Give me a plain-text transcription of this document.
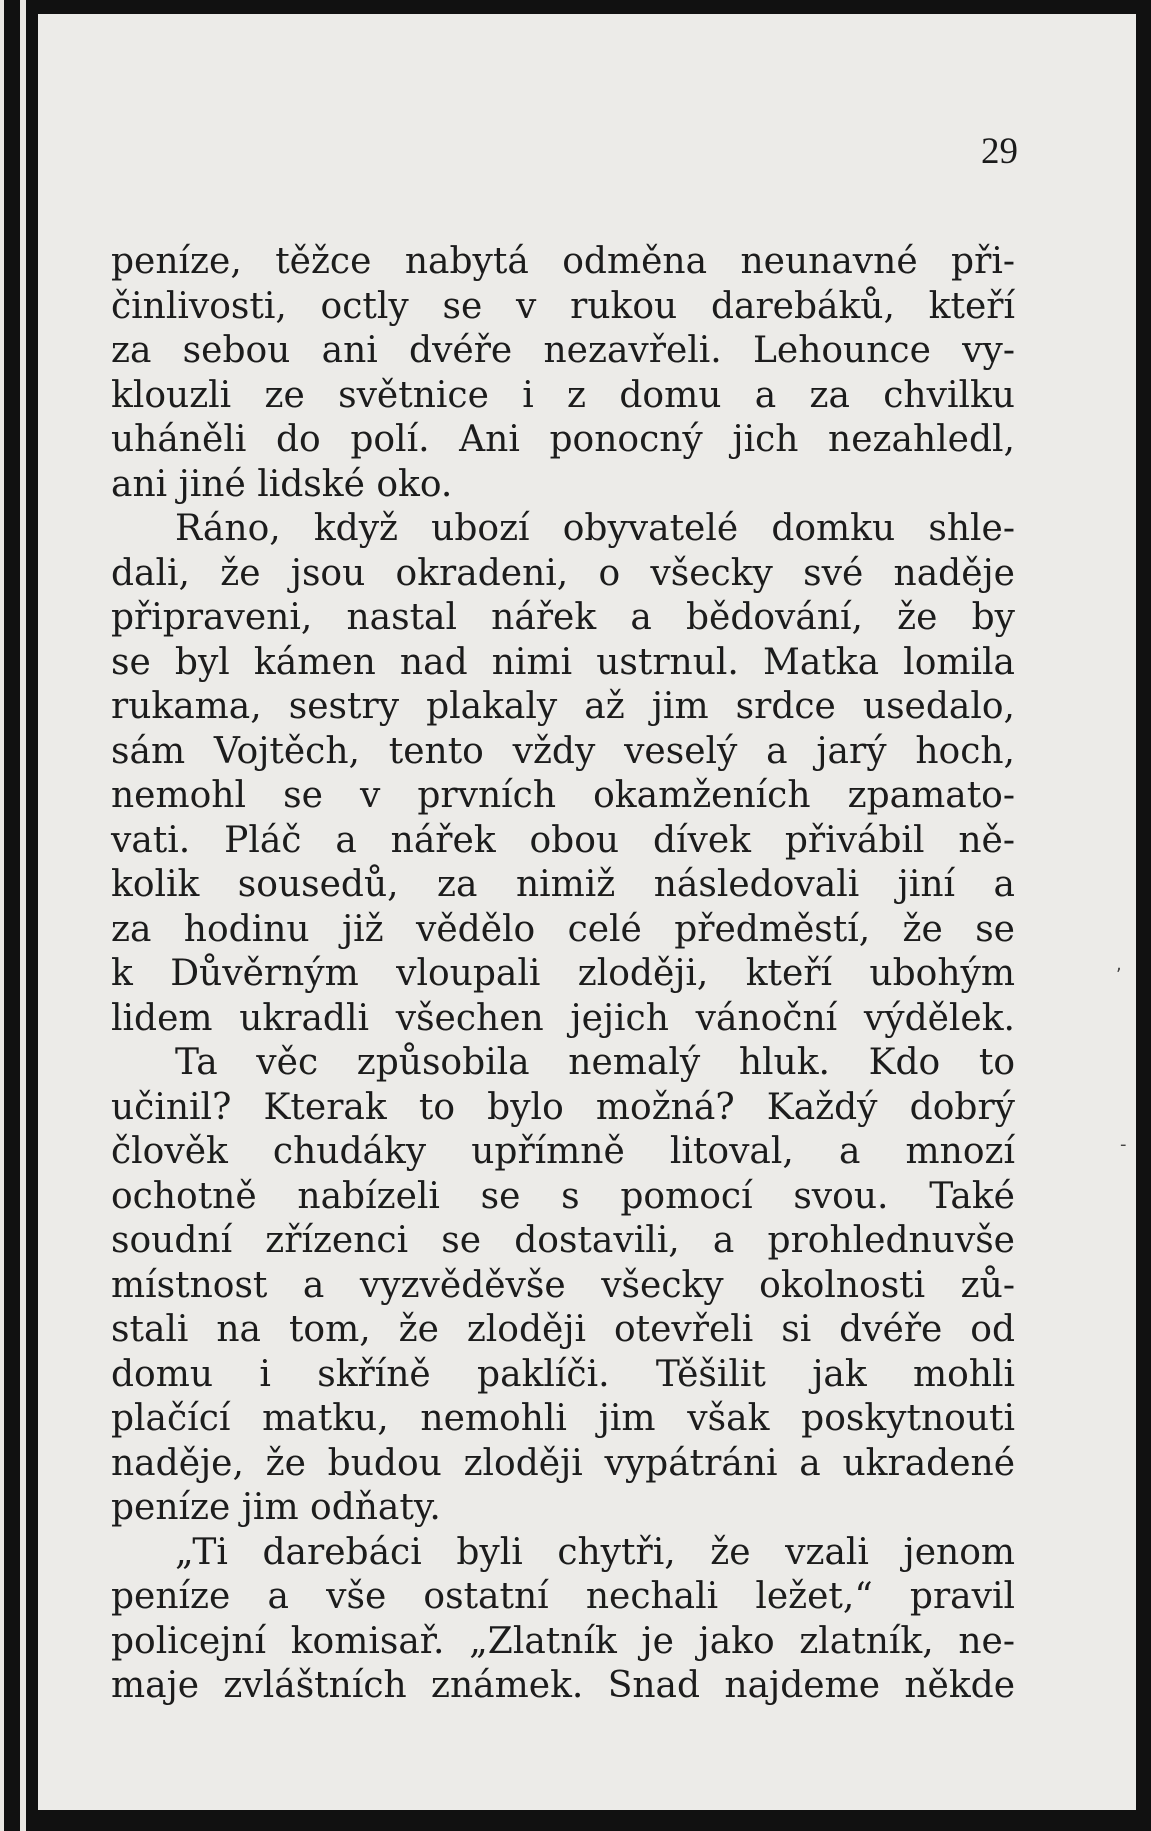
29

peníze, těžce nabytá odměna neunavné při-
činlivosti, octly se v rukou darebáků, kteří
za sebou ani dvéře nezavřeli. Lehounce vy-
klouzli ze světnice i z domu a za chvilku
uháněli do polí. Ani ponocný jich nezahledl,
ani jiné lidské oko.
Ráno, když ubozí obyvatelé domku shle-
dali, že jsou okradeni, o všecky své naděje
připraveni, nastal nářek a bědování, že by
se byl kámen nad nimi ustrnul. Matka lomila
rukama, sestry plakaly až jim srdce usedalo,
sám Vojtěch, tento vždy veselý a jarý hoch,
nemohl se v prvních okamženích zpamato-
vati. Pláč a nářek obou dívek přivábil ně-
kolik sousedů, za nimiž následovali jiní a
za hodinu již vědělo celé předměstí, že se
k Důvěrným vloupali zloději, kteří ubohým
lidem ukradli všechen jejich vánoční výdělek.
Ta věc způsobila nemalý hluk. Kdo to
učinil? Kterak to bylo možná? Každý dobrý
člověk chudáky upřímně litoval, a mnozí
ochotně nabízeli se s pomocí svou. Také
soudní zřízenci se dostavili, a prohlednuvše
místnost a vyzvěděvše všecky okolnosti zů-
stali na tom, že zloději otevřeli si dvéře od
domu i skříně paklíči. Těšilit jak mohli
plačící matku, nemohli jim však poskytnouti
naděje, že budou zloději vypátráni a ukradené
peníze jim odňaty.
„Ti darebáci byli chytři, že vzali jenom
peníze a vše ostatní nechali ležet,“ pravil
policejní komisař. „Zlatník je jako zlatník, ne-
maje zvláštních známek. Snad najdeme někde
,
-
